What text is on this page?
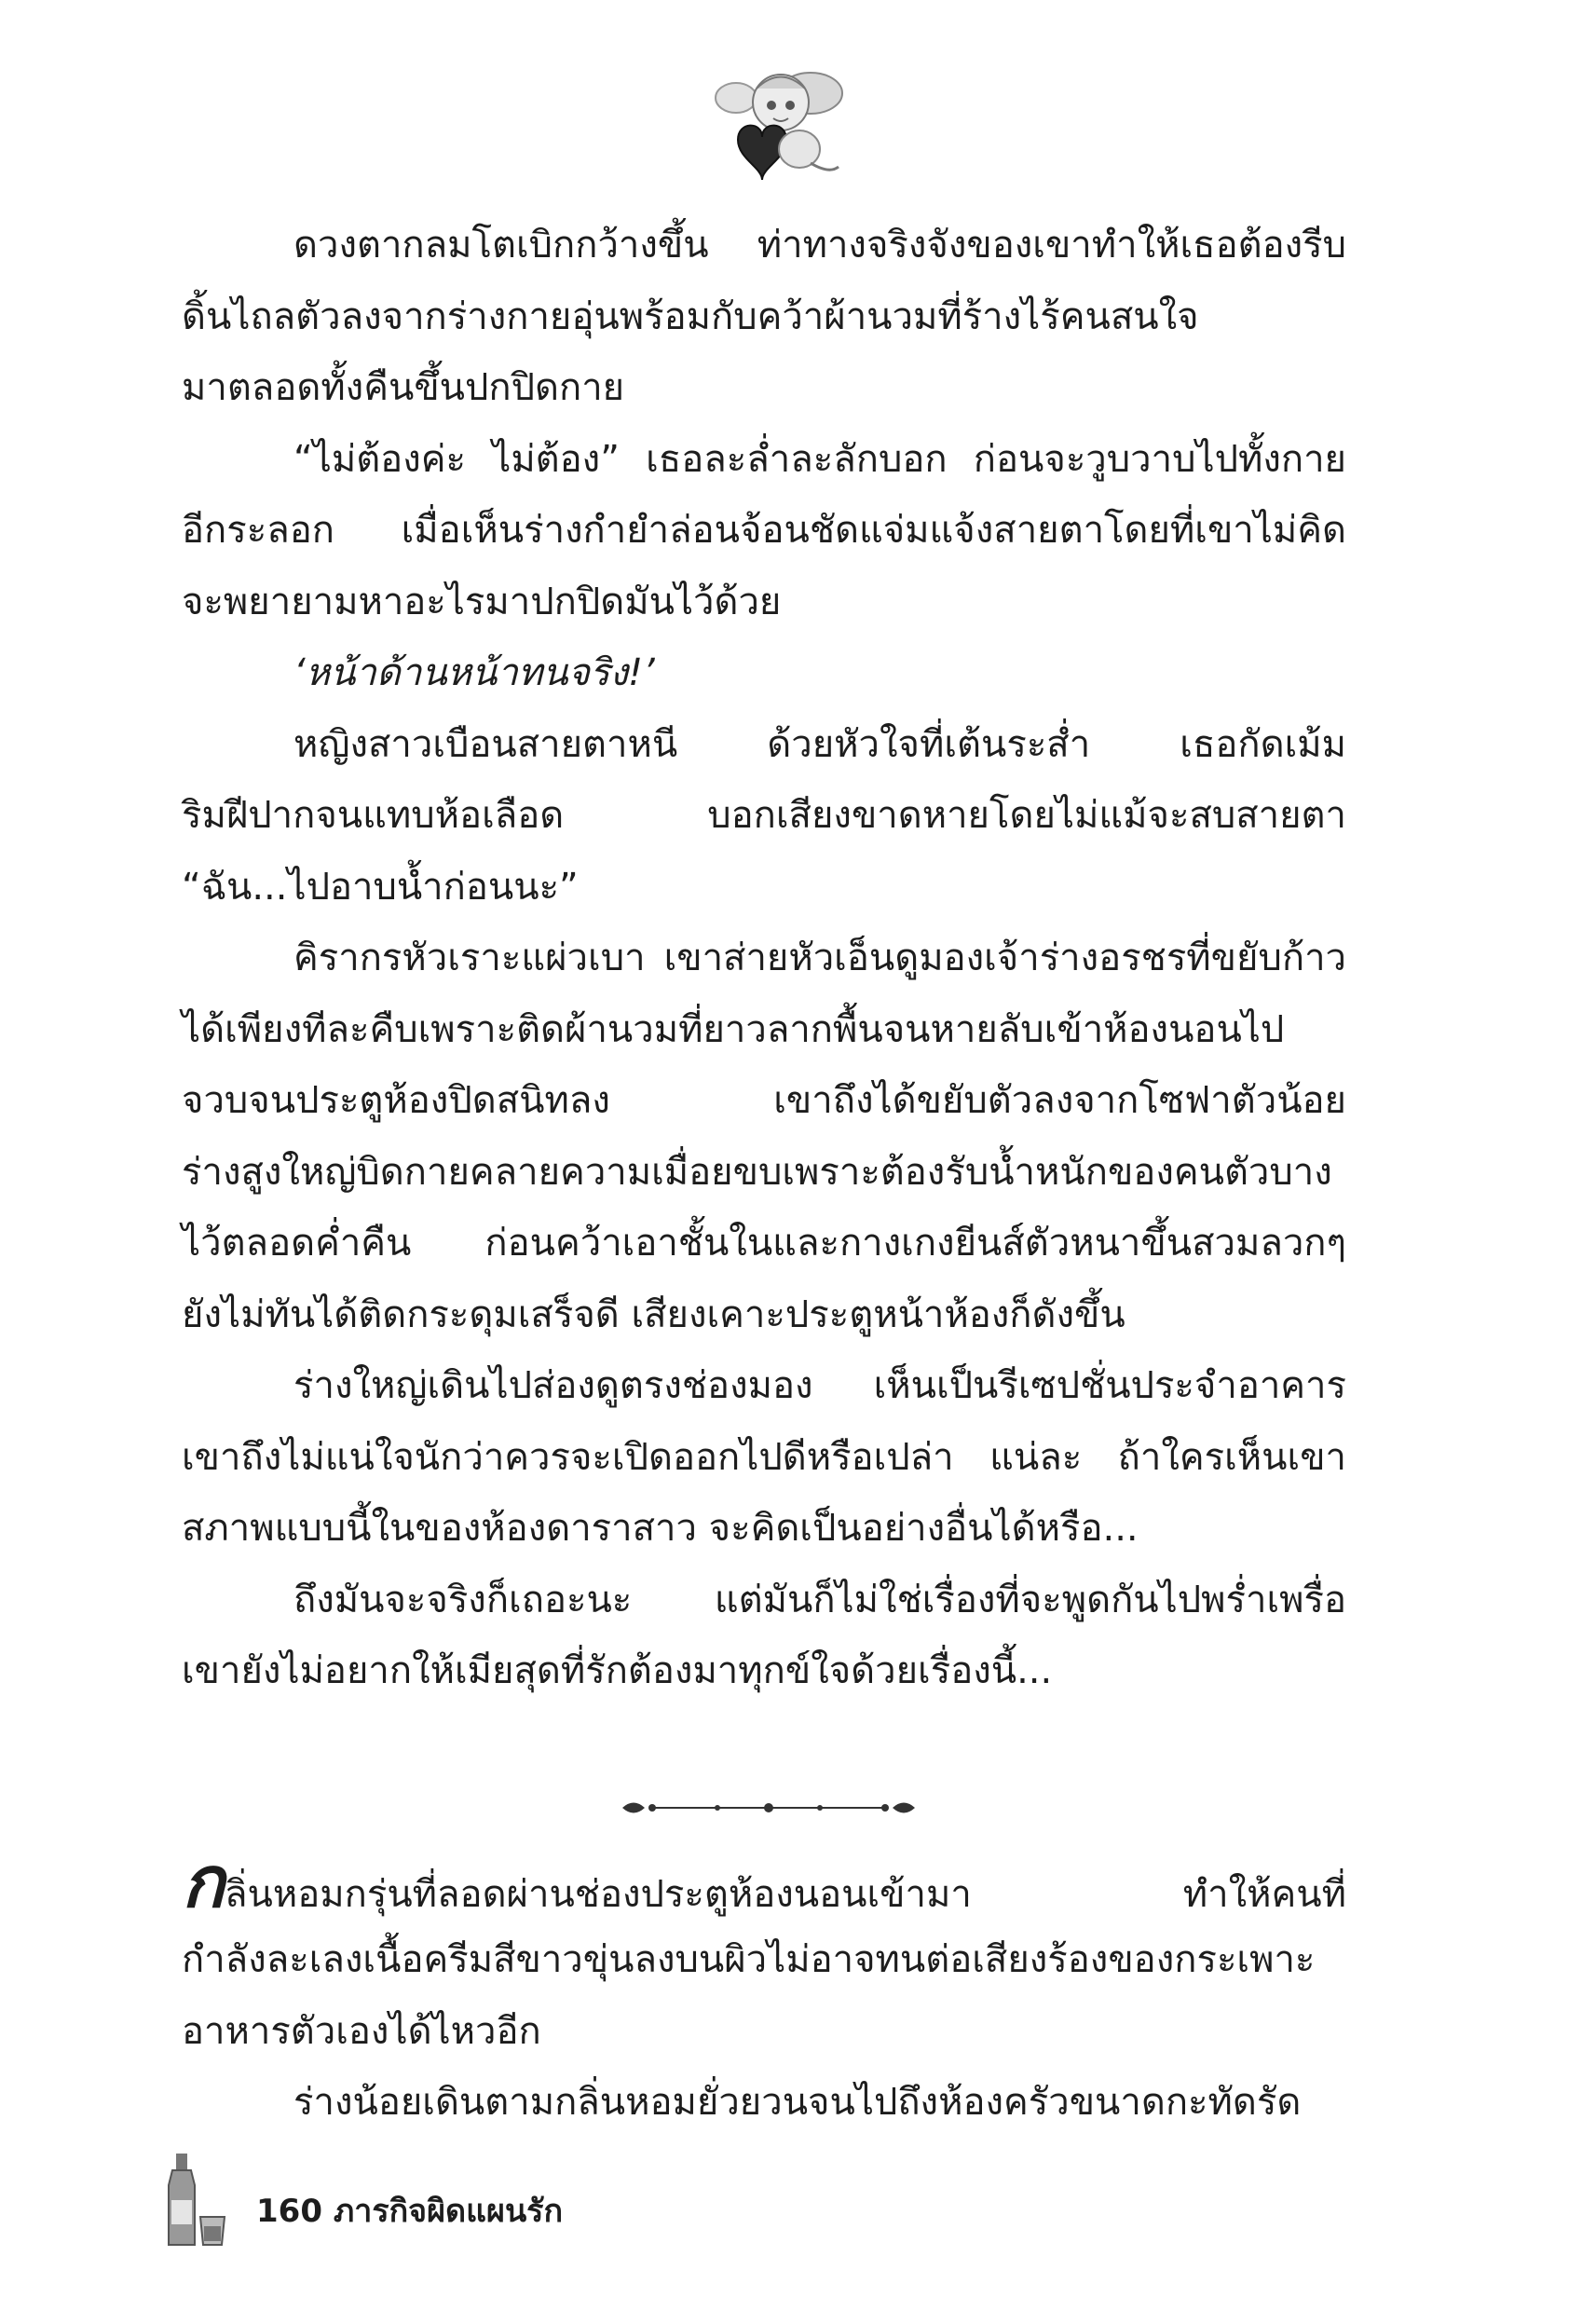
ดวงตากลมโตเบิกกว้างขึ้น ท่าทางจริงจังของเขาทำให้เธอต้องรีบ
ดิ้นไถลตัวลงจากร่างกายอุ่นพร้อมกับคว้าผ้านวมที่ร้างไร้คนสนใจ
มาตลอดทั้งคืนขึ้นปกปิดกาย
“ไม่ต้องค่ะ ไม่ต้อง” เธอละล่ำละลักบอก ก่อนจะวูบวาบไปทั้งกาย
อีกระลอก เมื่อเห็นร่างกำยำล่อนจ้อนชัดแจ่มแจ้งสายตาโดยที่เขาไม่คิด
จะพยายามหาอะไรมาปกปิดมันไว้ด้วย
‘หน้าด้านหน้าทนจริง!’
หญิงสาวเบือนสายตาหนี ด้วยหัวใจที่เต้นระส่ำ เธอกัดเม้ม
ริมฝีปากจนแทบห้อเลือด บอกเสียงขาดหายโดยไม่แม้จะสบสายตา
“ฉัน...ไปอาบน้ำก่อนนะ”
คิรากรหัวเราะแผ่วเบา เขาส่ายหัวเอ็นดูมองเจ้าร่างอรชรที่ขยับก้าว
ได้เพียงทีละคืบเพราะติดผ้านวมที่ยาวลากพื้นจนหายลับเข้าห้องนอนไป
จวบจนประตูห้องปิดสนิทลง เขาถึงได้ขยับตัวลงจากโซฟาตัวน้อย
ร่างสูงใหญ่บิดกายคลายความเมื่อยขบเพราะต้องรับน้ำหนักของคนตัวบาง
ไว้ตลอดค่ำคืน ก่อนคว้าเอาชั้นในและกางเกงยีนส์ตัวหนาขึ้นสวมลวกๆ
ยังไม่ทันได้ติดกระดุมเสร็จดี เสียงเคาะประตูหน้าห้องก็ดังขึ้น
ร่างใหญ่เดินไปส่องดูตรงช่องมอง เห็นเป็นรีเซปชั่นประจำอาคาร
เขาถึงไม่แน่ใจนักว่าควรจะเปิดออกไปดีหรือเปล่า แน่ละ ถ้าใครเห็นเขา
สภาพแบบนี้ในของห้องดาราสาว จะคิดเป็นอย่างอื่นได้หรือ...
ถึงมันจะจริงก็เถอะนะ แต่มันก็ไม่ใช่เรื่องที่จะพูดกันไปพร่ำเพรื่อ
เขายังไม่อยากให้เมียสุดที่รักต้องมาทุกข์ใจด้วยเรื่องนี้...
กลิ่นหอมกรุ่นที่ลอดผ่านช่องประตูห้องนอนเข้ามา ทำให้คนที่
กำลังละเลงเนื้อครีมสีขาวขุ่นลงบนผิวไม่อาจทนต่อเสียงร้องของกระเพาะ
อาหารตัวเองได้ไหวอีก
ร่างน้อยเดินตามกลิ่นหอมยั่วยวนจนไปถึงห้องครัวขนาดกะทัดรัด
160 ภารกิจผิดแผนรัก
